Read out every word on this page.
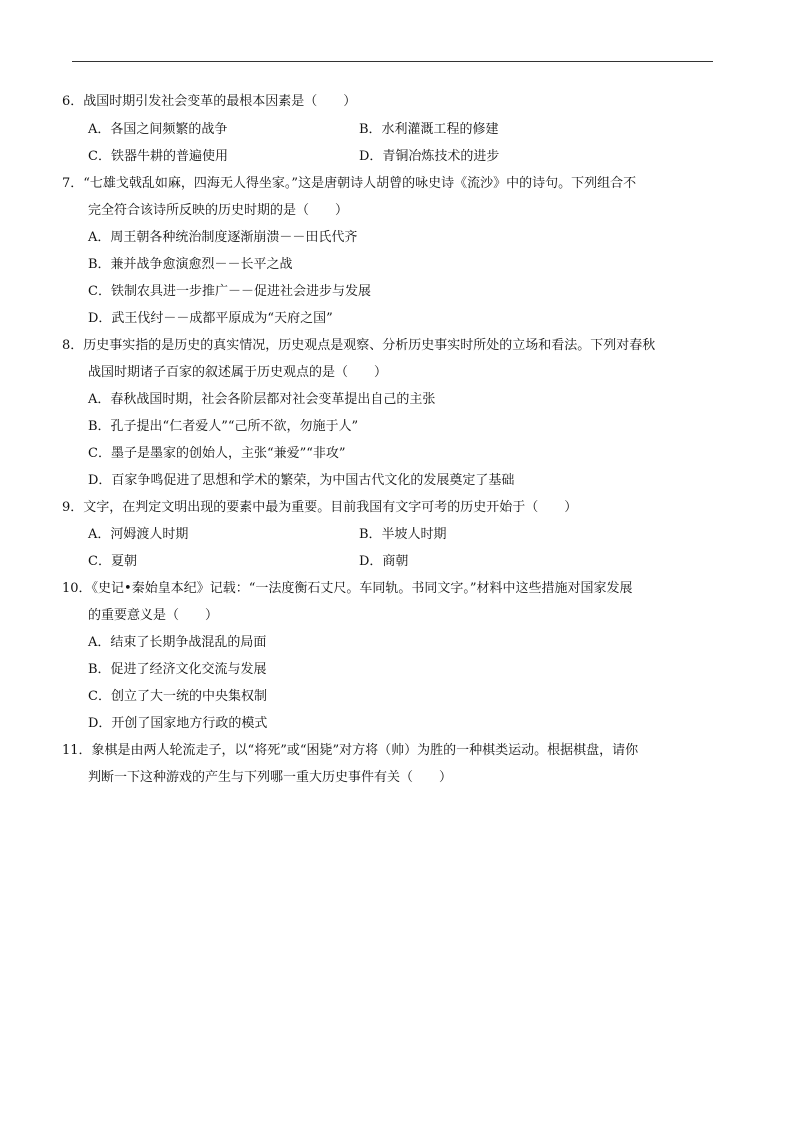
6．战国时期引发社会变革的最根本因素是（　　）
A．各国之间频繁的战争	B．水利灌溉工程的修建
C．铁器牛耕的普遍使用	D．青铜冶炼技术的进步
7．“七雄戈戟乱如麻，四海无人得坐家。”这是唐朝诗人胡曾的咏史诗《流沙》中的诗句。下列组合不
完全符合该诗所反映的历史时期的是（　　）
A．周王朝各种统治制度逐渐崩溃－－田氏代齐
B．兼并战争愈演愈烈－－长平之战
C．铁制农具进一步推广－－促进社会进步与发展
D．武王伐纣－－成都平原成为“天府之国”
8．历史事实指的是历史的真实情况，历史观点是观察、分析历史事实时所处的立场和看法。下列对春秋
战国时期诸子百家的叙述属于历史观点的是（　　）
A．春秋战国时期，社会各阶层都对社会变革提出自己的主张
B．孔子提出“仁者爱人”“己所不欲，勿施于人”
C．墨子是墨家的创始人，主张“兼爱”“非攻”
D．百家争鸣促进了思想和学术的繁荣，为中国古代文化的发展奠定了基础
9．文字，在判定文明出现的要素中最为重要。目前我国有文字可考的历史开始于（　　）
A．河姆渡人时期	B．半坡人时期
C．夏朝	D．商朝
10．《史记•秦始皇本纪》记载：“一法度衡石丈尺。车同轨。书同文字。”材料中这些措施对国家发展
的重要意义是（　　）
A．结束了长期争战混乱的局面
B．促进了经济文化交流与发展
C．创立了大一统的中央集权制
D．开创了国家地方行政的模式
11．象棋是由两人轮流走子，以“将死”或“困毙”对方将（帅）为胜的一种棋类运动。根据棋盘，请你
判断一下这种游戏的产生与下列哪一重大历史事件有关（　　）
